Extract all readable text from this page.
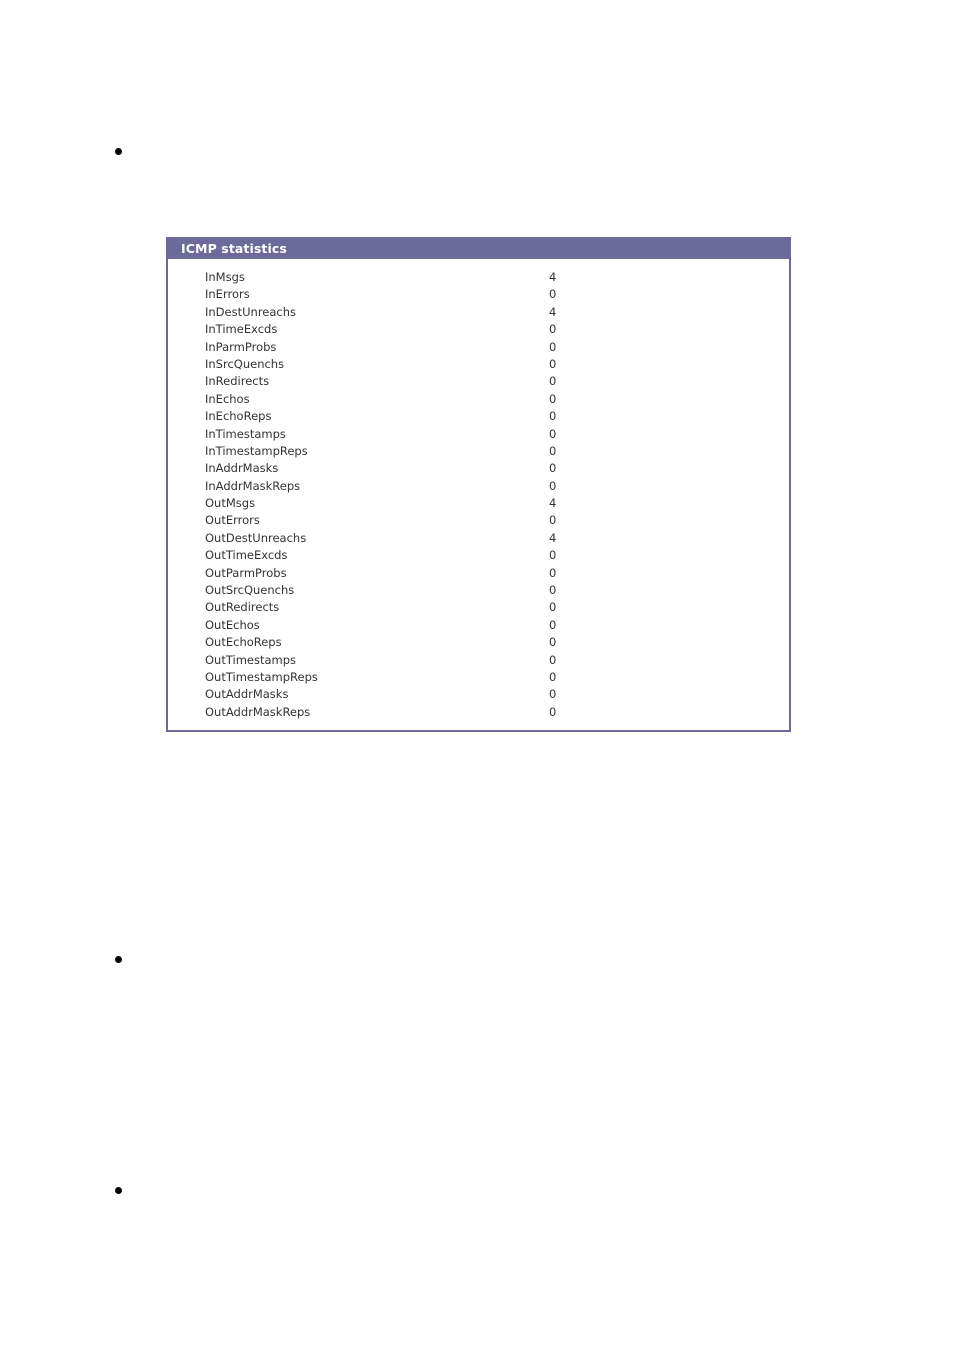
ICMP statistics
InMsgs	4
InErrors	0
InDestUnreachs	4
InTimeExcds	0
InParmProbs	0
InSrcQuenchs	0
InRedirects	0
InEchos	0
InEchoReps	0
InTimestamps	0
InTimestampReps	0
InAddrMasks	0
InAddrMaskReps	0
OutMsgs	4
OutErrors	0
OutDestUnreachs	4
OutTimeExcds	0
OutParmProbs	0
OutSrcQuenchs	0
OutRedirects	0
OutEchos	0
OutEchoReps	0
OutTimestamps	0
OutTimestampReps	0
OutAddrMasks	0
OutAddrMaskReps	0
